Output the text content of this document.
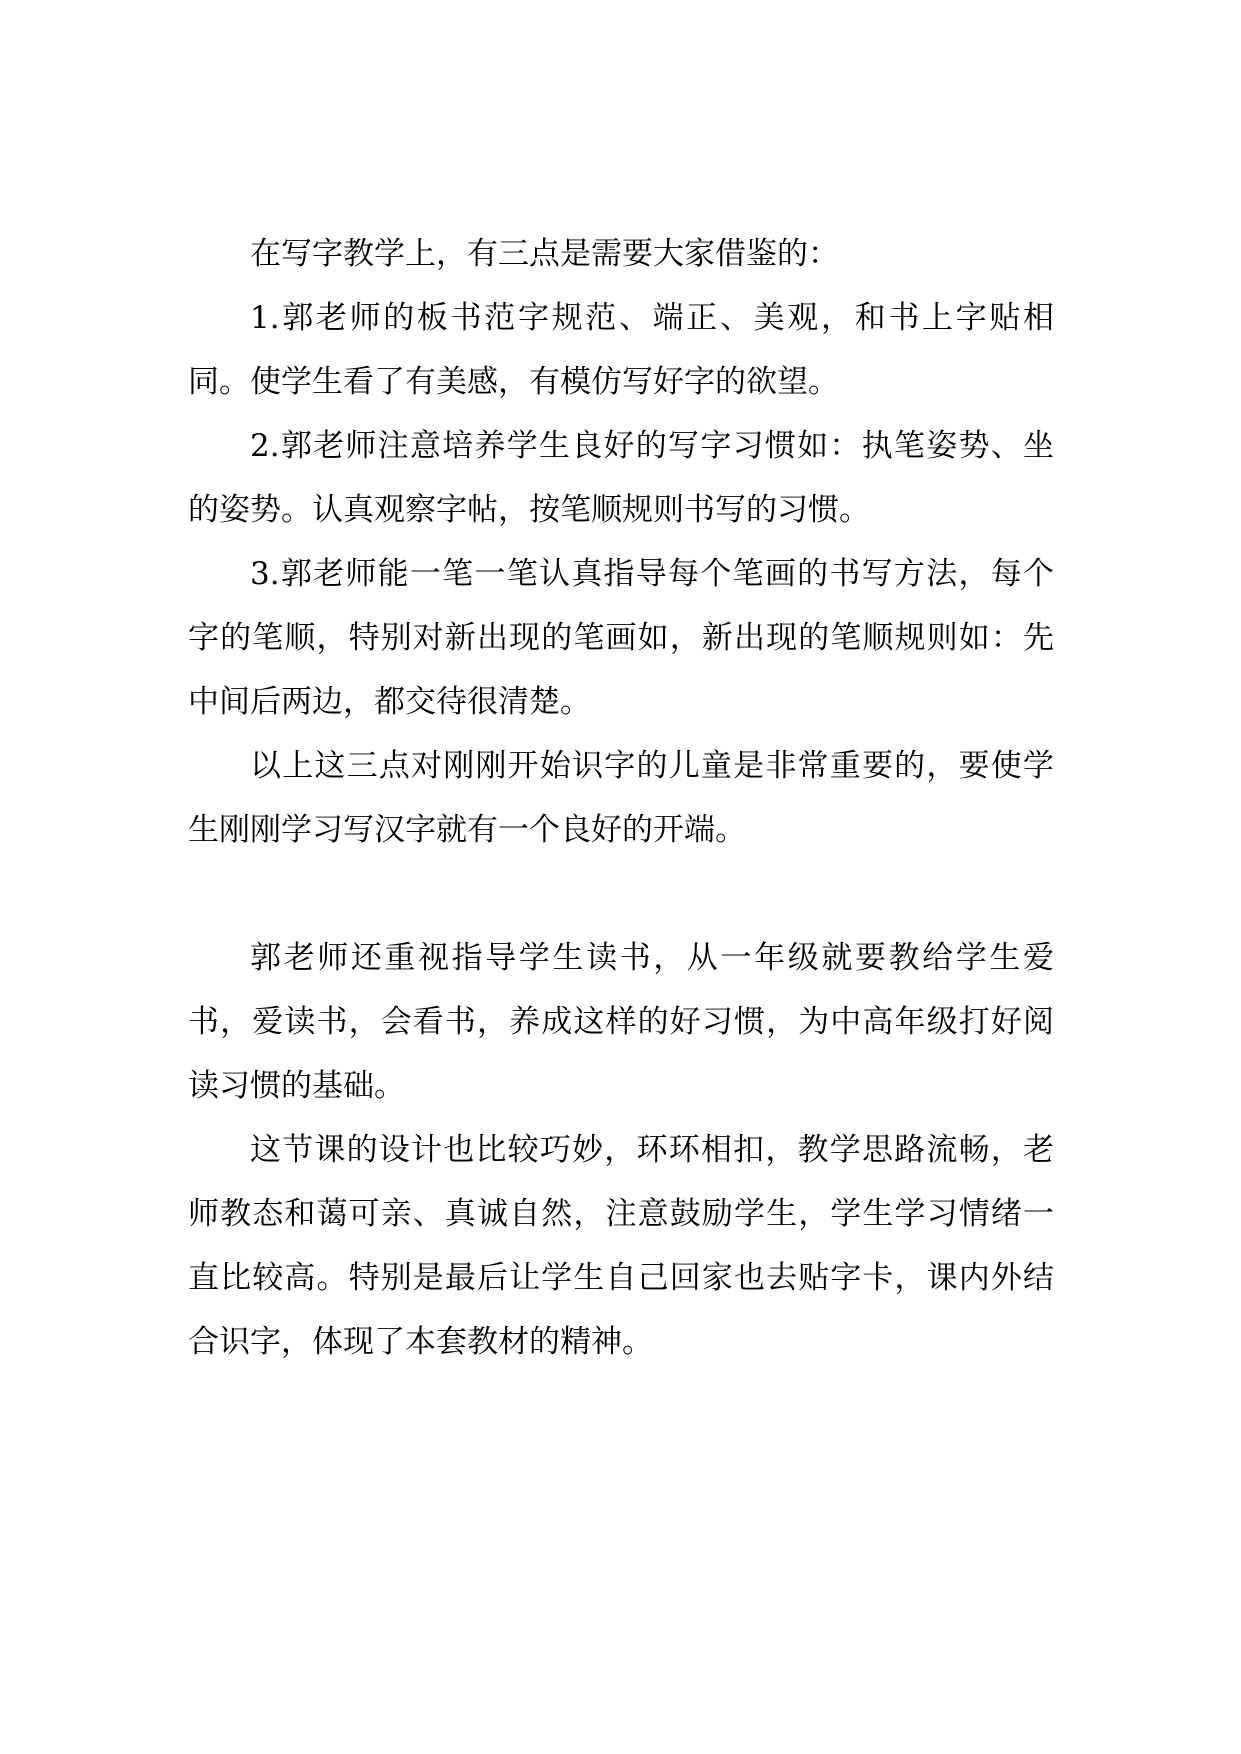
在写字教学上，有三点是需要大家借鉴的：

1.郭老师的板书范字规范、端正、美观，和书上字贴相同。使学生看了有美感，有模仿写好字的欲望。

2.郭老师注意培养学生良好的写字习惯如：执笔姿势、坐的姿势。认真观察字帖，按笔顺规则书写的习惯。

3.郭老师能一笔一笔认真指导每个笔画的书写方法，每个字的笔顺，特别对新出现的笔画如，新出现的笔顺规则如：先中间后两边，都交待很清楚。

以上这三点对刚刚开始识字的儿童是非常重要的，要使学生刚刚学习写汉字就有一个良好的开端。

郭老师还重视指导学生读书，从一年级就要教给学生爱书，爱读书，会看书，养成这样的好习惯，为中高年级打好阅读习惯的基础。

这节课的设计也比较巧妙，环环相扣，教学思路流畅，老师教态和蔼可亲、真诚自然，注意鼓励学生，学生学习情绪一直比较高。特别是最后让学生自己回家也去贴字卡，课内外结合识字，体现了本套教材的精神。
